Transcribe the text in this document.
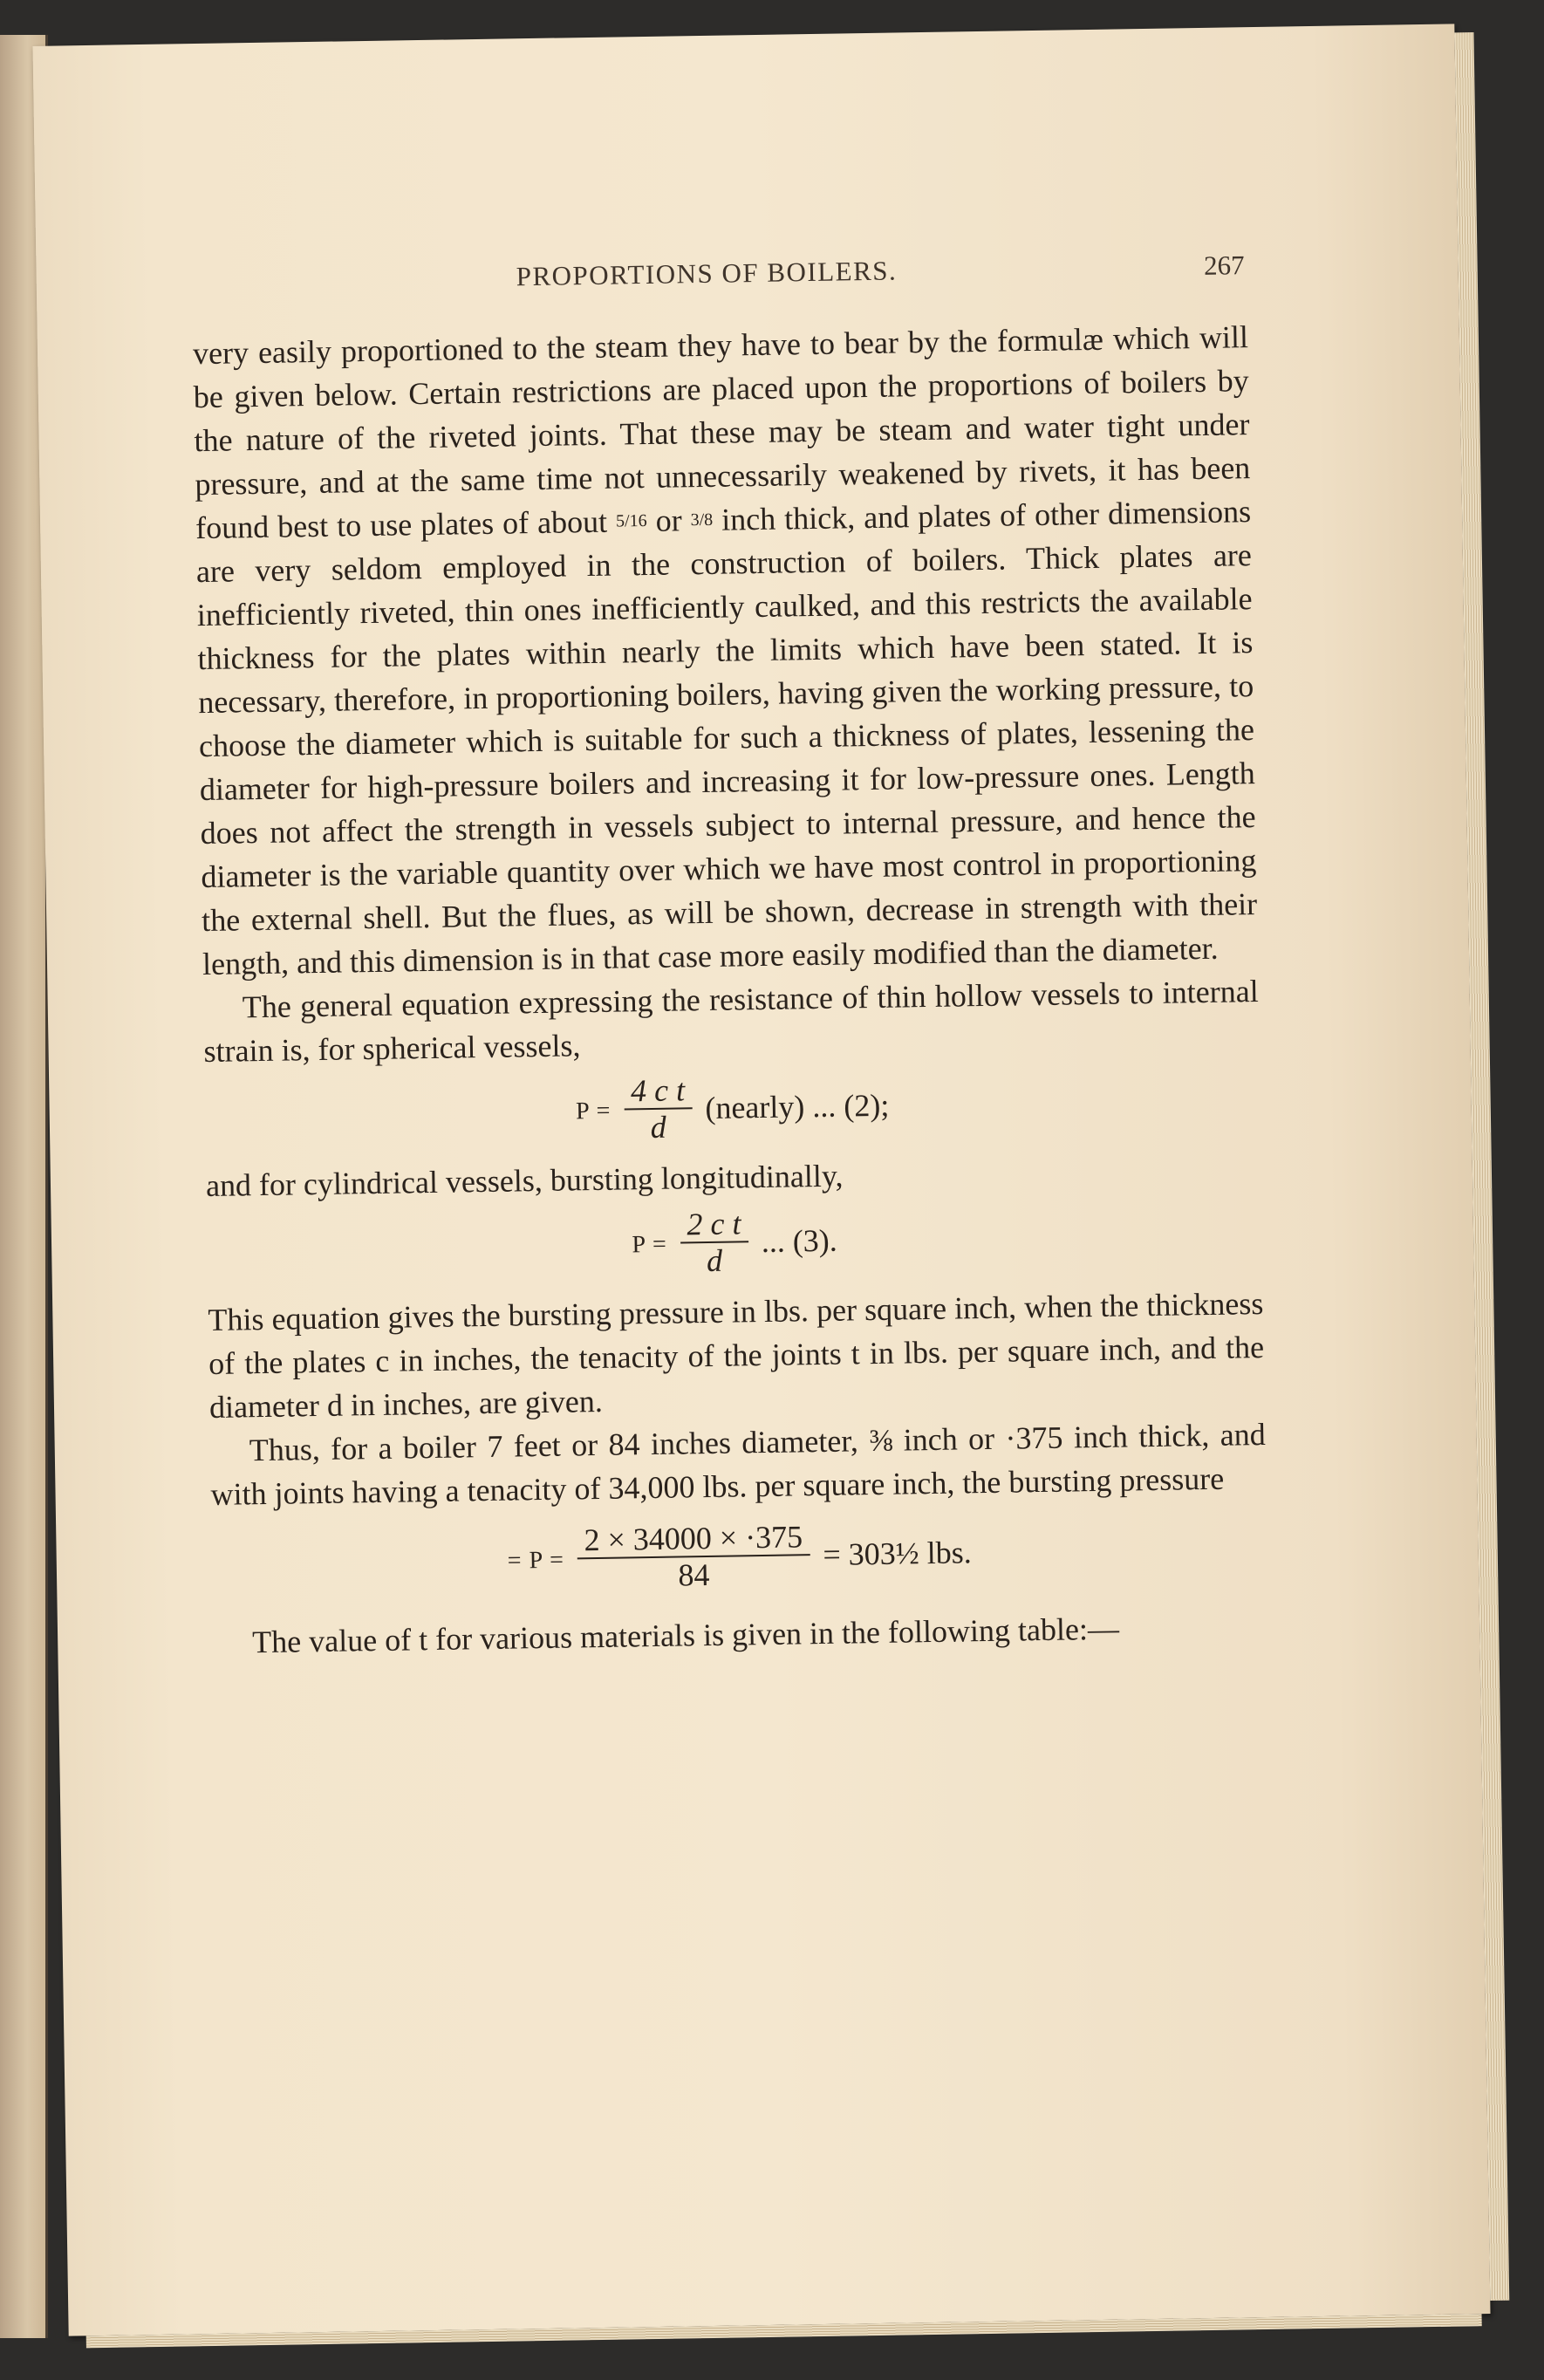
PROPORTIONS OF BOILERS.	267

very easily proportioned to the steam they have to bear by the formulæ which will be given below. Certain restrictions are placed upon the proportions of boilers by the nature of the riveted joints. That these may be steam and water tight under pressure, and at the same time not unnecessarily weakened by rivets, it has been found best to use plates of about 5/16 or 3/8 inch thick, and plates of other dimensions are very seldom employed in the construction of boilers. Thick plates are inefficiently riveted, thin ones inefficiently caulked, and this restricts the available thickness for the plates within nearly the limits which have been stated. It is necessary, therefore, in proportioning boilers, having given the working pressure, to choose the diameter which is suitable for such a thickness of plates, lessening the diameter for high-pressure boilers and increasing it for low-pressure ones. Length does not affect the strength in vessels subject to internal pressure, and hence the diameter is the variable quantity over which we have most control in proportioning the external shell. But the flues, as will be shown, decrease in strength with their length, and this dimension is in that case more easily modified than the diameter.

The general equation expressing the resistance of thin hollow vessels to internal strain is, for spherical vessels,

$P = \frac{\text{4 c t}}{d}$ (nearly) ... (2);

and for cylindrical vessels, bursting longitudinally,

$P = \frac{\text{2 c t}}{d}$ ... (3).

This equation gives the bursting pressure in lbs. per square inch, when the thickness of the plates c in inches, the tenacity of the joints t in lbs. per square inch, and the diameter d in inches, are given.

Thus, for a boiler 7 feet or 84 inches diameter, ⅜ inch or ·375 inch thick, and with joints having a tenacity of 34,000 lbs. per square inch, the bursting pressure

= $P = \frac{2 \times 34000 \times \cdot 375}{84}$ = 303½ lbs.

The value of t for various materials is given in the following table:—
